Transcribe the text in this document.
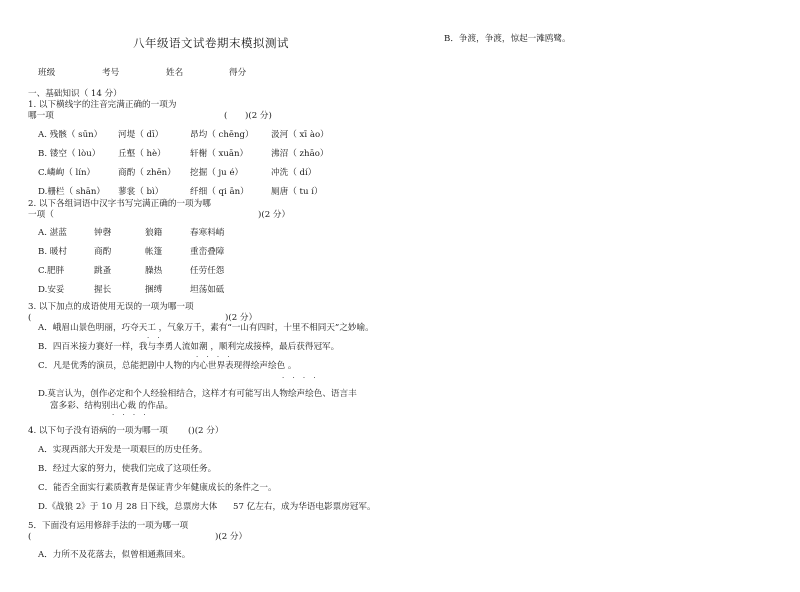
八年级语文试卷期末模拟测试	B．争渡，争渡，惊起一滩鸥鹭。
班级	考号	姓名	得分
一、基础知识（ 14 分）
1. 以下横线字的注音完满正确的一项为
哪一项	( )(2 分)
A. 残骸（ sūn） 河堤（ dī）	昂均（ chēng） 汲河（ xī ào）
B. 镂空（ lòu） 丘壑（ hè）	轩榭（ xuān）	沸沼（ zhāo）
C.嶙峋（ lín）	商酌（ zhēn） 挖掘（ ju é）	冲洗（ dí）
D.栅栏（ shān） 蓼裳（ bì）	纤细（ qi ān）	厕唐（ tu í）
2. 以下各组词语中汉字书写完满正确的一项为哪
一项（	)(2 分）
A. 湛蓝	钟磬	狼籍	春寒料峭
B. 暖村	商酌	帐篷	重峦叠障
C.肥胖	跳蚤	臊热	任劳任怨
D.安妥	握长	捆缚	坦荡如砥
3. 以下加点的成语使用无误的一项为哪一项
(	)(2 分）
A．峨眉山景色明丽，巧夺天工 ，气象万千，素有“一山有四时，十里不相同天”之妙喻。
· ·
B．四百米接力赛好一样，我与李勇人流如潮 ，顺利完成接棒，最后获得冠军。
· · · ·
C．凡是优秀的演员，总能把剧中人物的内心世界表现得绘声绘色 。
· · · ·
D.莫言认为，创作必定和个人经验相结合，这样才有可能写出人物绘声绘色、语言丰
富多彩、结构别出心裁 的作品。
· · · ·
4. 以下句子没有语病的一项为哪一项 ()(2 分）
A．实现西部大开发是一项艰巨的历史任务。
B．经过大家的努力，使我们完成了这项任务。
C．能否全面实行素质教育是保证青少年健康成长的条件之一。
D.《战狼 2》于 10 月 28 日下线，总票房大体 57 亿左右，成为华语电影票房冠军。
5．下面没有运用修辞手法的一项为哪一项
(	)(2 分）
A．力所不及花落去，似曾相通燕回来。
